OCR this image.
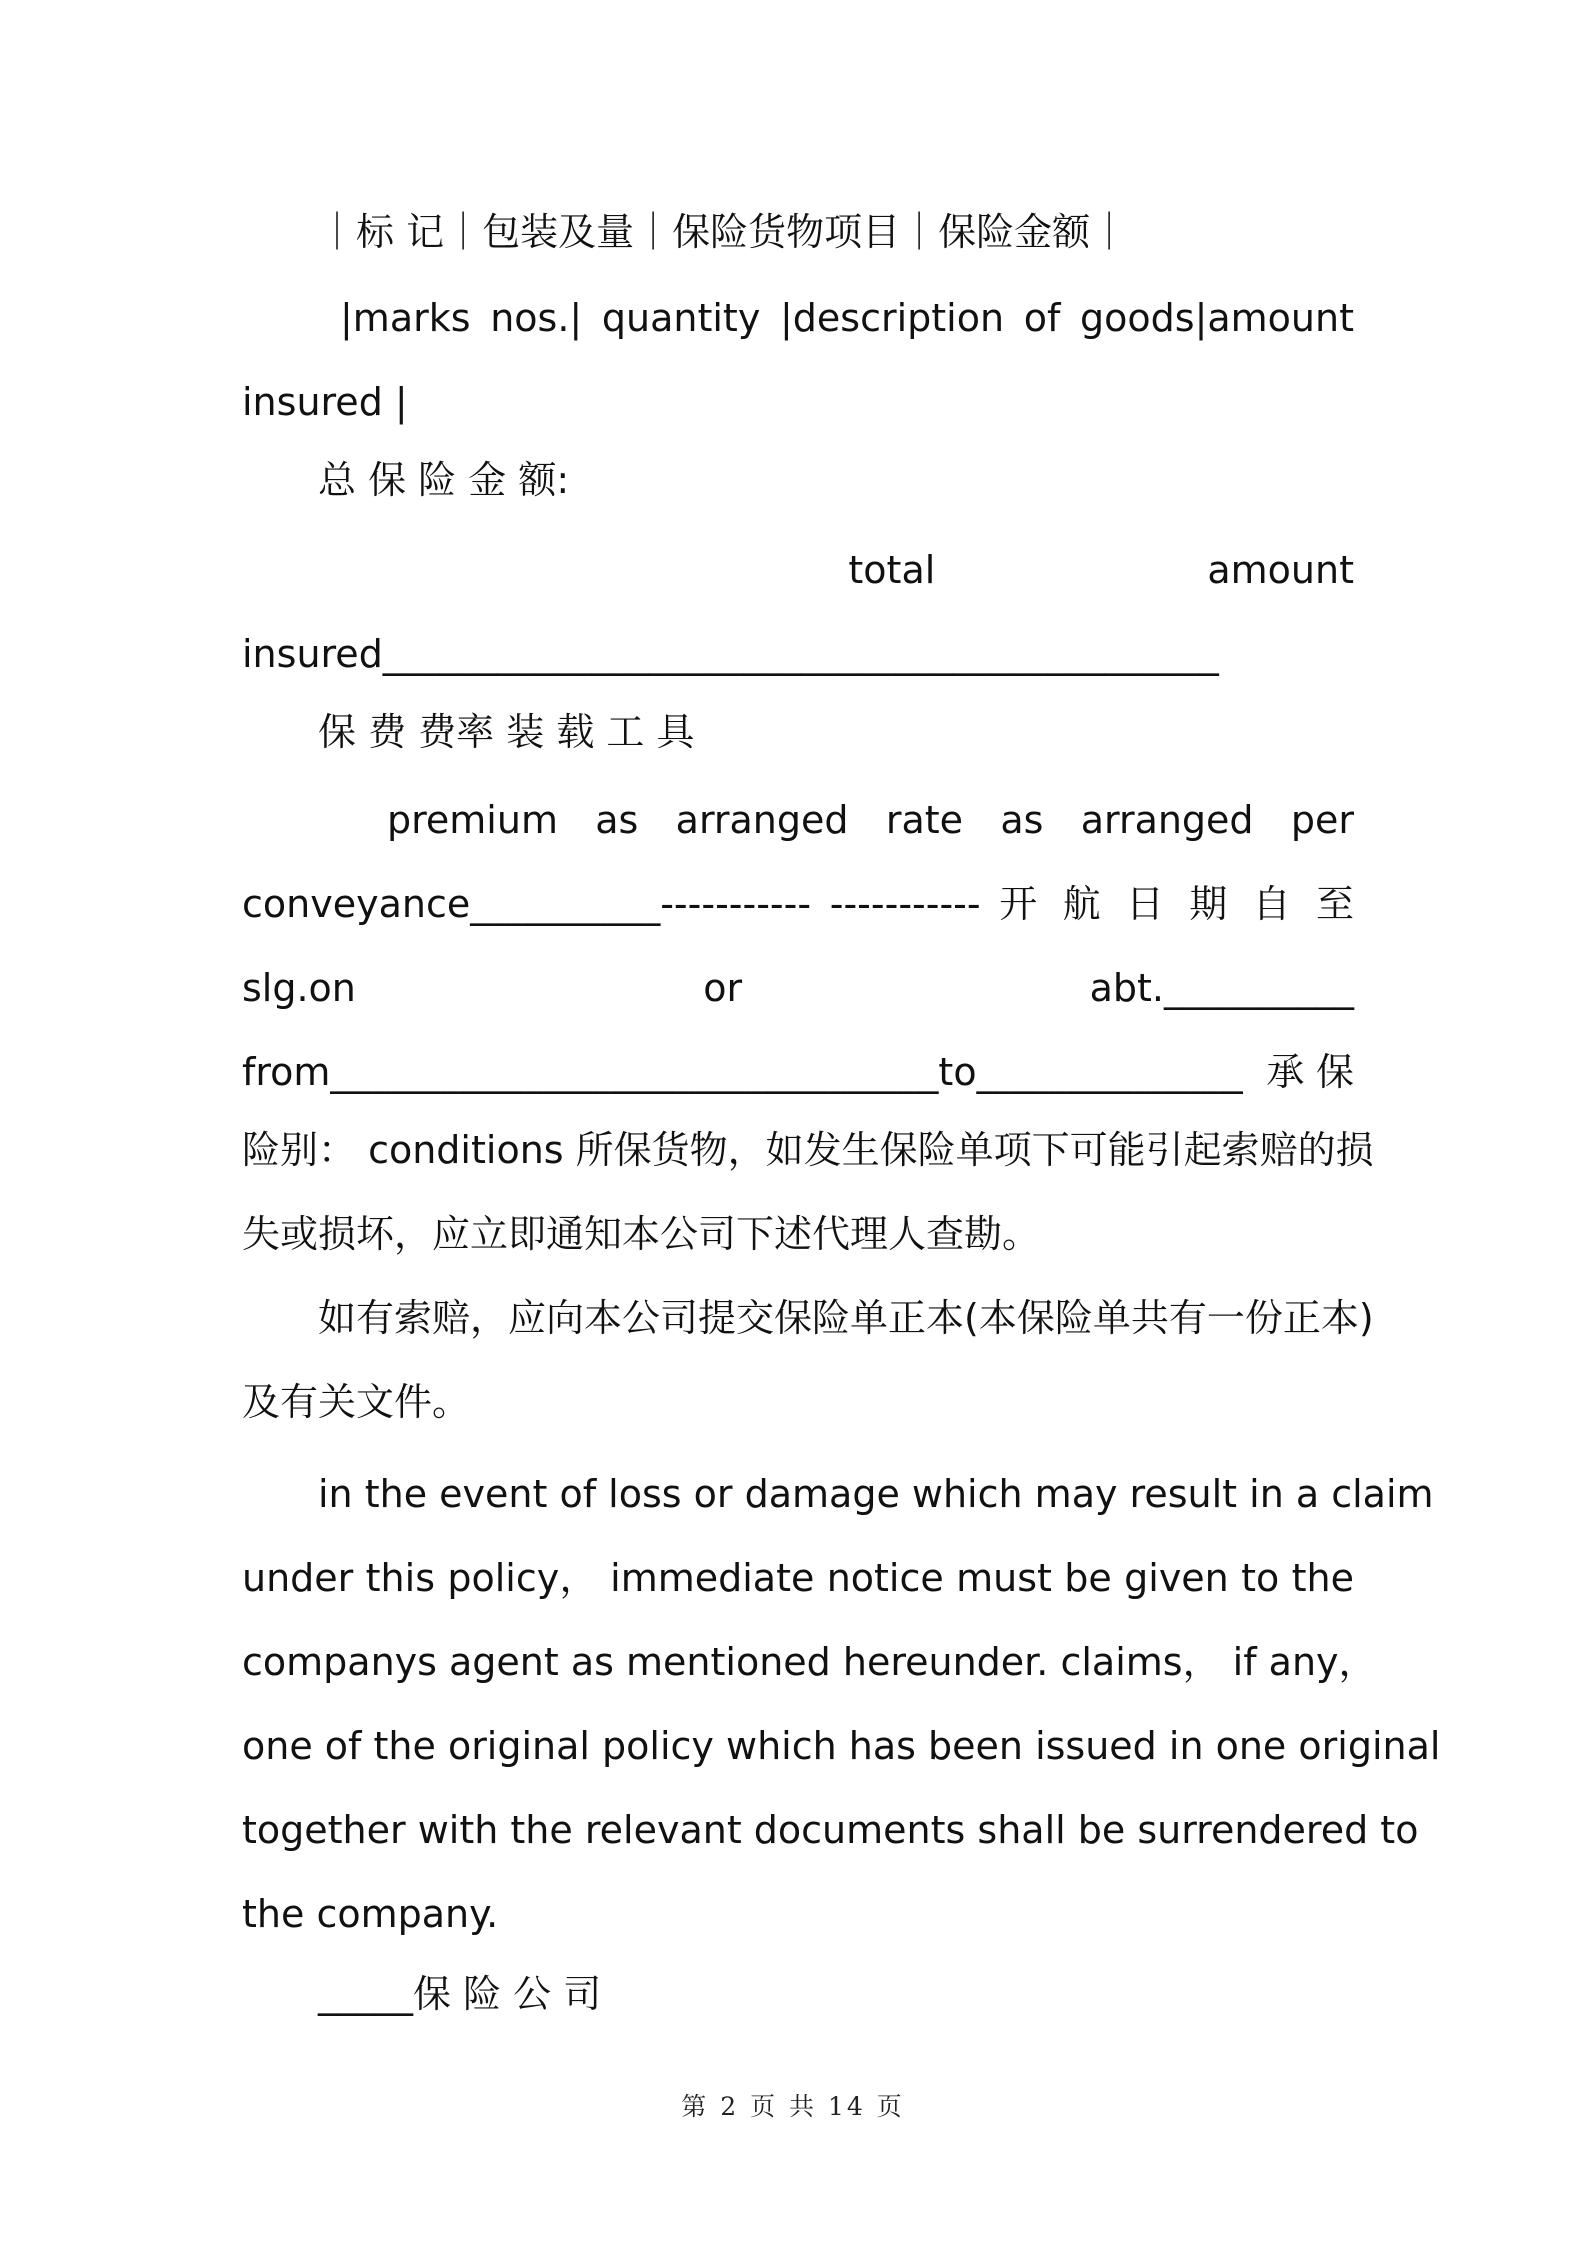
｜标 记｜包装及量｜保险货物项目｜保险金额｜
|marks nos.| quantity |description of goods|amount
insured |
总 保 险 金 额:
total amount
insured____________________________________________
保 费 费率 装 载 工 具
premium as arranged rate as arranged per
conveyance__________----------- ----------- 开 航 日 期 自 至
slg.on or abt.__________
from________________________________to______________ 承保
险别： conditions 所保货物，如发生保险单项下可能引起索赔的损
失或损坏，应立即通知本公司下述代理人查勘。
如有索赔，应向本公司提交保险单正本(本保险单共有一份正本)
及有关文件。
in the event of loss or damage which may result in a claim
under this policy， immediate notice must be given to the
companys agent as mentioned hereunder. claims， if any，
one of the original policy which has been issued in one original
together with the relevant documents shall be surrendered to
the company.
_____保 险 公 司
第 2 页 共 14 页
